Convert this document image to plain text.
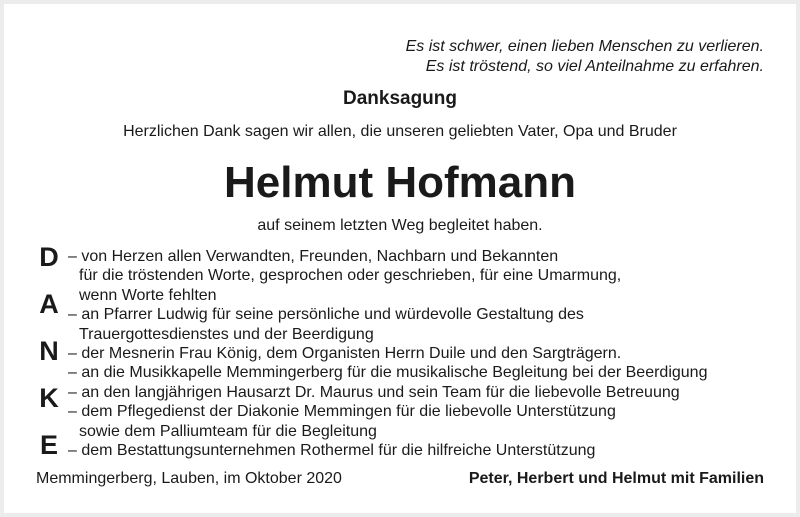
Es ist schwer, einen lieben Menschen zu verlieren.
Es ist tröstend, so viel Anteilnahme zu erfahren.
Danksagung
Herzlichen Dank sagen wir allen, die unseren geliebten Vater, Opa und Bruder
Helmut Hofmann
auf seinem letzten Weg begleitet haben.
D
A
N
K
E
– von Herzen allen Verwandten, Freunden, Nachbarn und Bekannten
für die tröstenden Worte, gesprochen oder geschrieben, für eine Umarmung,
wenn Worte fehlten
– an Pfarrer Ludwig für seine persönliche und würdevolle Gestaltung des
Trauergottesdienstes und der Beerdigung
– der Mesnerin Frau König, dem Organisten Herrn Duile und den Sargträgern.
– an die Musikkapelle Memmingerberg für die musikalische Begleitung bei der Beerdigung
– an den langjährigen Hausarzt Dr. Maurus und sein Team für die liebevolle Betreuung
– dem Pflegedienst der Diakonie Memmingen für die liebevolle Unterstützung
sowie dem Palliumteam für die Begleitung
– dem Bestattungsunternehmen Rothermel für die hilfreiche Unterstützung
Memmingerberg, Lauben, im Oktober 2020	Peter, Herbert und Helmut mit Familien
